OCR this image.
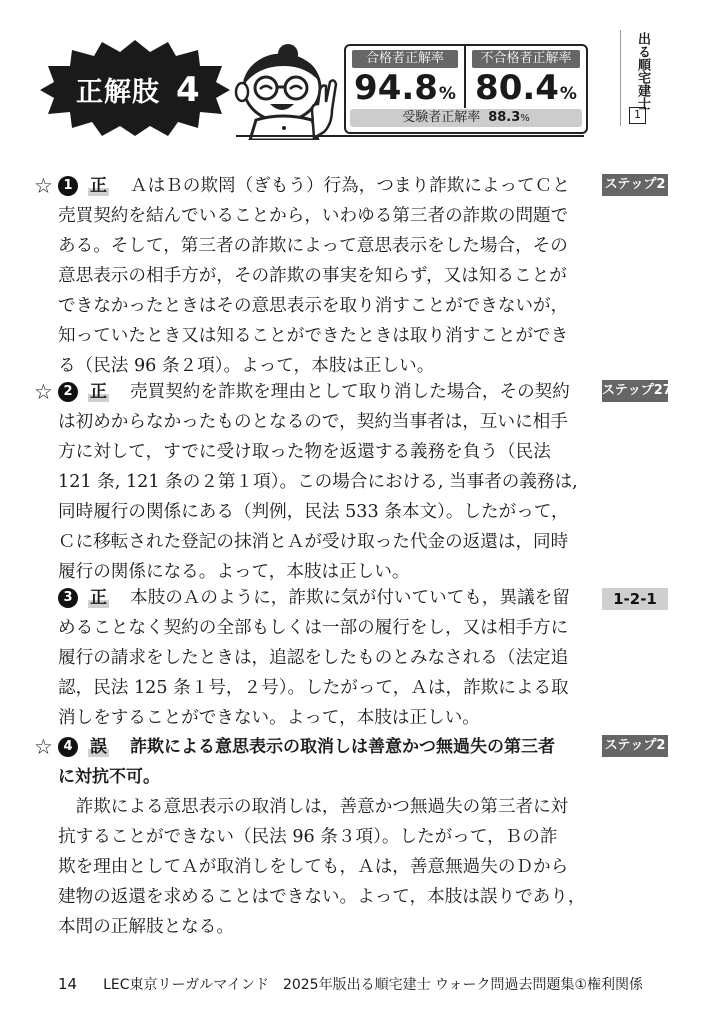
正解肢 4
合格者正解率
94.8%
不合格者正解率
80.4%
受験者正解率 88.3%
出る順宅建士
1
☆ 1	正 ＡはＢの欺罔（ぎもう）行為，つまり詐欺によってＣと
売買契約を結んでいることから，いわゆる第三者の詐欺の問題で
ある。そして，第三者の詐欺によって意思表示をした場合，その
意思表示の相手方が，その詐欺の事実を知らず，又は知ることが
できなかったときはその意思表示を取り消すことができないが，
知っていたとき又は知ることができたときは取り消すことができ
る（民法 96 条２項）。よって，本肢は正しい。
ステップ2
☆ 2	正 売買契約を詐欺を理由として取り消した場合，その契約
は初めからなかったものとなるので，契約当事者は，互いに相手
方に対して，すでに受け取った物を返還する義務を負う（民法
121 条, 121 条の２第１項）。この場合における, 当事者の義務は,
同時履行の関係にある（判例，民法 533 条本文）。したがって，
Ｃに移転された登記の抹消とＡが受け取った代金の返還は，同時
履行の関係になる。よって，本肢は正しい。
ステップ27
3	正 本肢のＡのように，詐欺に気が付いていても，異議を留
めることなく契約の全部もしくは一部の履行をし，又は相手方に
履行の請求をしたときは，追認をしたものとみなされる（法定追
認，民法 125 条１号，２号）。したがって，Ａは，詐欺による取
消しをすることができない。よって，本肢は正しい。
1-2-1
☆ 4	誤 詐欺による意思表示の取消しは善意かつ無過失の第三者
に対抗不可。
　詐欺による意思表示の取消しは，善意かつ無過失の第三者に対
抗することができない（民法 96 条３項）。したがって，Ｂの詐
欺を理由としてＡが取消しをしても，Ａは，善意無過失のＤから
建物の返還を求めることはできない。よって，本肢は誤りであり，
本問の正解肢となる。
ステップ2
14 LEC東京リーガルマインド　2025年版出る順宅建士 ウォーク問過去問題集①権利関係
